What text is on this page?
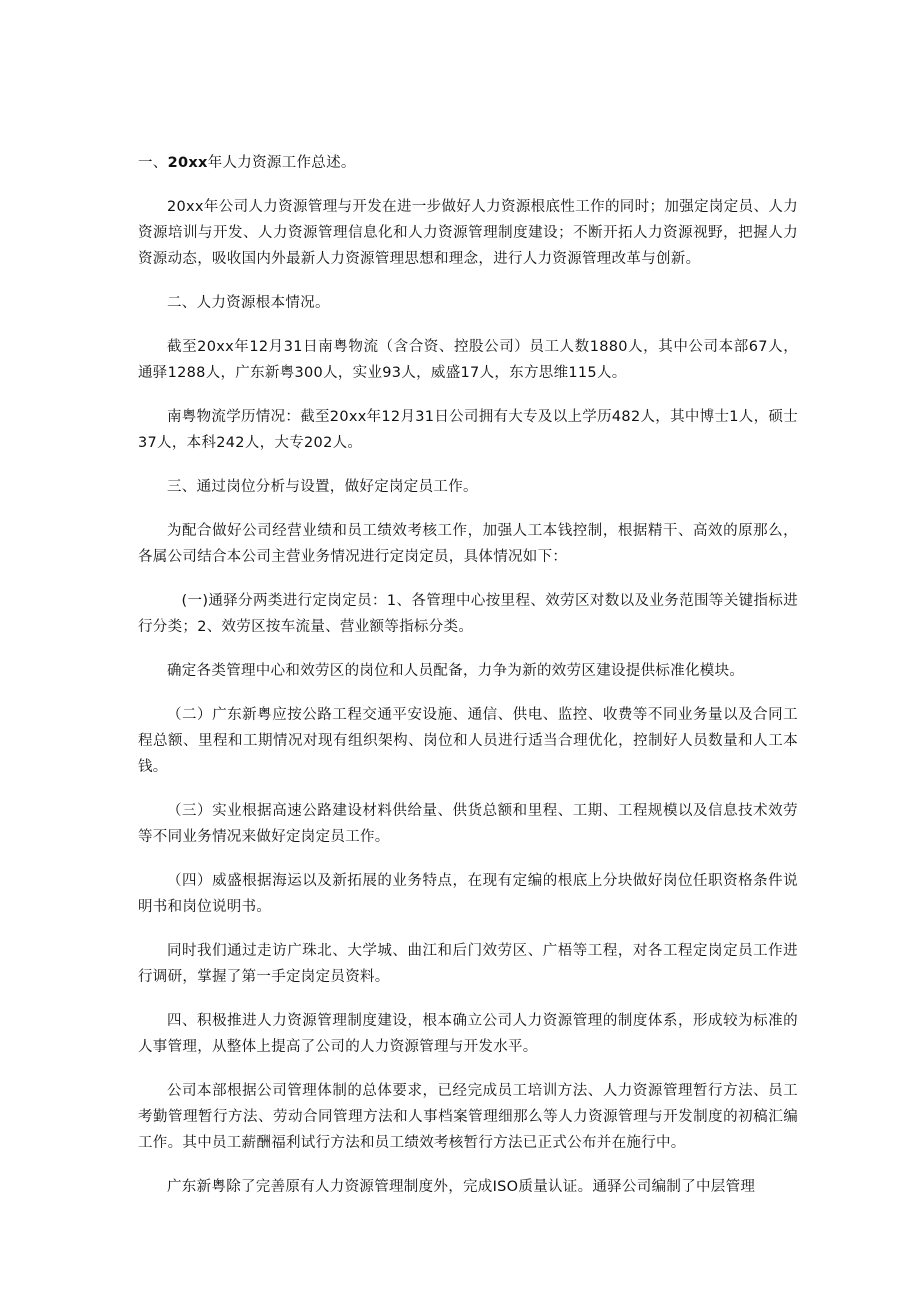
一、20xx年人力资源工作总述。

20xx年公司人力资源管理与开发在进一步做好人力资源根底性工作的同时；加强定岗定员、人力资源培训与开发、人力资源管理信息化和人力资源管理制度建设；不断开拓人力资源视野，把握人力资源动态，吸收国内外最新人力资源管理思想和理念，进行人力资源管理改革与创新。

二、人力资源根本情况。

截至20xx年12月31日南粤物流（含合资、控股公司）员工人数1880人，其中公司本部67人，通驿1288人，广东新粤300人，实业93人，威盛17人，东方思维115人。

南粤物流学历情况：截至20xx年12月31日公司拥有大专及以上学历482人，其中博士1人，硕士37人，本科242人，大专202人。

三、通过岗位分析与设置，做好定岗定员工作。

为配合做好公司经营业绩和员工绩效考核工作，加强人工本钱控制，根据精干、高效的原那么，各属公司结合本公司主营业务情况进行定岗定员，具体情况如下：

(一)通驿分两类进行定岗定员：1、各管理中心按里程、效劳区对数以及业务范围等关键指标进行分类；2、效劳区按车流量、营业额等指标分类。

确定各类管理中心和效劳区的岗位和人员配备，力争为新的效劳区建设提供标准化模块。

（二）广东新粤应按公路工程交通平安设施、通信、供电、监控、收费等不同业务量以及合同工程总额、里程和工期情况对现有组织架构、岗位和人员进行适当合理优化，控制好人员数量和人工本钱。

（三）实业根据高速公路建设材料供给量、供货总额和里程、工期、工程规模以及信息技术效劳等不同业务情况来做好定岗定员工作。

（四）威盛根据海运以及新拓展的业务特点，在现有定编的根底上分块做好岗位任职资格条件说明书和岗位说明书。

同时我们通过走访广珠北、大学城、曲江和后门效劳区、广梧等工程，对各工程定岗定员工作进行调研，掌握了第一手定岗定员资料。

四、积极推进人力资源管理制度建设，根本确立公司人力资源管理的制度体系，形成较为标准的人事管理，从整体上提高了公司的人力资源管理与开发水平。

公司本部根据公司管理体制的总体要求，已经完成员工培训方法、人力资源管理暂行方法、员工考勤管理暂行方法、劳动合同管理方法和人事档案管理细那么等人力资源管理与开发制度的初稿汇编工作。其中员工薪酬福利试行方法和员工绩效考核暂行方法已正式公布并在施行中。

广东新粤除了完善原有人力资源管理制度外，完成ISO质量认证。通驿公司编制了中层管理
